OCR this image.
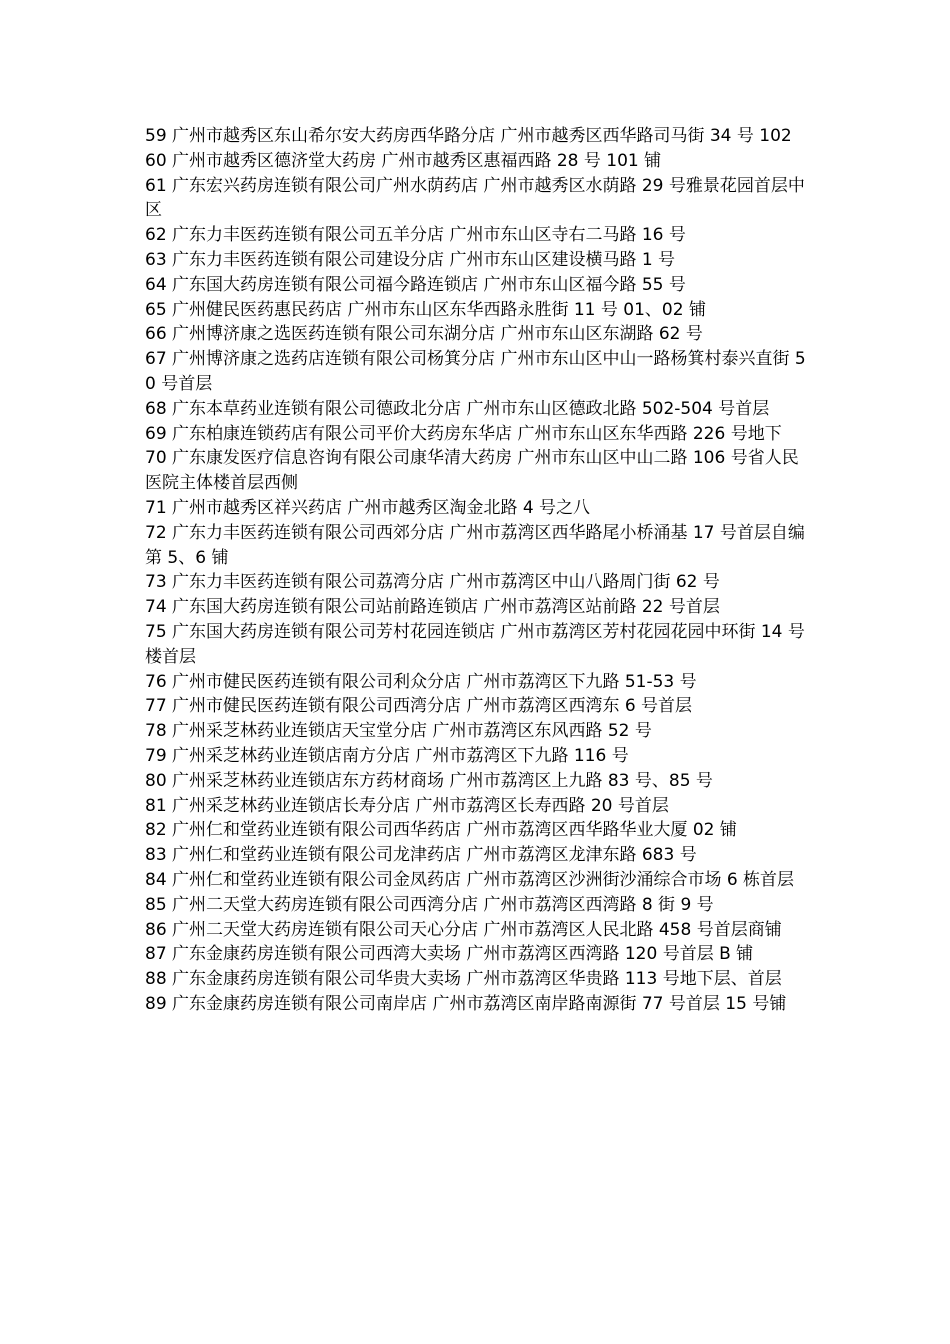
59 广州市越秀区东山希尔安大药房西华路分店 广州市越秀区西华路司马街 34 号 102

60 广州市越秀区德济堂大药房 广州市越秀区惠福西路 28 号 101 铺

61 广东宏兴药房连锁有限公司广州水荫药店 广州市越秀区水荫路 29 号雅景花园首层中区

62 广东力丰医药连锁有限公司五羊分店 广州市东山区寺右二马路 16 号

63 广东力丰医药连锁有限公司建设分店 广州市东山区建设横马路 1 号

64 广东国大药房连锁有限公司福今路连锁店 广州市东山区福今路 55 号

65 广州健民医药惠民药店 广州市东山区东华西路永胜街 11 号 01、02 铺

66 广州博济康之选医药连锁有限公司东湖分店 广州市东山区东湖路 62 号

67 广州博济康之选药店连锁有限公司杨箕分店 广州市东山区中山一路杨箕村泰兴直街 50 号首层

68 广东本草药业连锁有限公司德政北分店 广州市东山区德政北路 502-504 号首层

69 广东柏康连锁药店有限公司平价大药房东华店 广州市东山区东华西路 226 号地下

70 广东康发医疗信息咨询有限公司康华清大药房 广州市东山区中山二路 106 号省人民医院主体楼首层西侧

71 广州市越秀区祥兴药店 广州市越秀区淘金北路 4 号之八

72 广东力丰医药连锁有限公司西郊分店 广州市荔湾区西华路尾小桥涌基 17 号首层自编第 5、6 铺

73 广东力丰医药连锁有限公司荔湾分店 广州市荔湾区中山八路周门街 62 号

74 广东国大药房连锁有限公司站前路连锁店 广州市荔湾区站前路 22 号首层

75 广东国大药房连锁有限公司芳村花园连锁店 广州市荔湾区芳村花园花园中环街 14 号楼首层

76 广州市健民医药连锁有限公司利众分店 广州市荔湾区下九路 51-53 号

77 广州市健民医药连锁有限公司西湾分店 广州市荔湾区西湾东 6 号首层

78 广州采芝林药业连锁店天宝堂分店 广州市荔湾区东风西路 52 号

79 广州采芝林药业连锁店南方分店 广州市荔湾区下九路 116 号

80 广州采芝林药业连锁店东方药材商场 广州市荔湾区上九路 83 号、85 号

81 广州采芝林药业连锁店长寿分店 广州市荔湾区长寿西路 20 号首层

82 广州仁和堂药业连锁有限公司西华药店 广州市荔湾区西华路华业大厦 02 铺

83 广州仁和堂药业连锁有限公司龙津药店 广州市荔湾区龙津东路 683 号

84 广州仁和堂药业连锁有限公司金凤药店 广州市荔湾区沙洲街沙涌综合市场 6 栋首层

85 广州二天堂大药房连锁有限公司西湾分店 广州市荔湾区西湾路 8 街 9 号

86 广州二天堂大药房连锁有限公司天心分店 广州市荔湾区人民北路 458 号首层商铺

87 广东金康药房连锁有限公司西湾大卖场 广州市荔湾区西湾路 120 号首层 B 铺

88 广东金康药房连锁有限公司华贵大卖场 广州市荔湾区华贵路 113 号地下层、首层

89 广东金康药房连锁有限公司南岸店 广州市荔湾区南岸路南源街 77 号首层 15 号铺
